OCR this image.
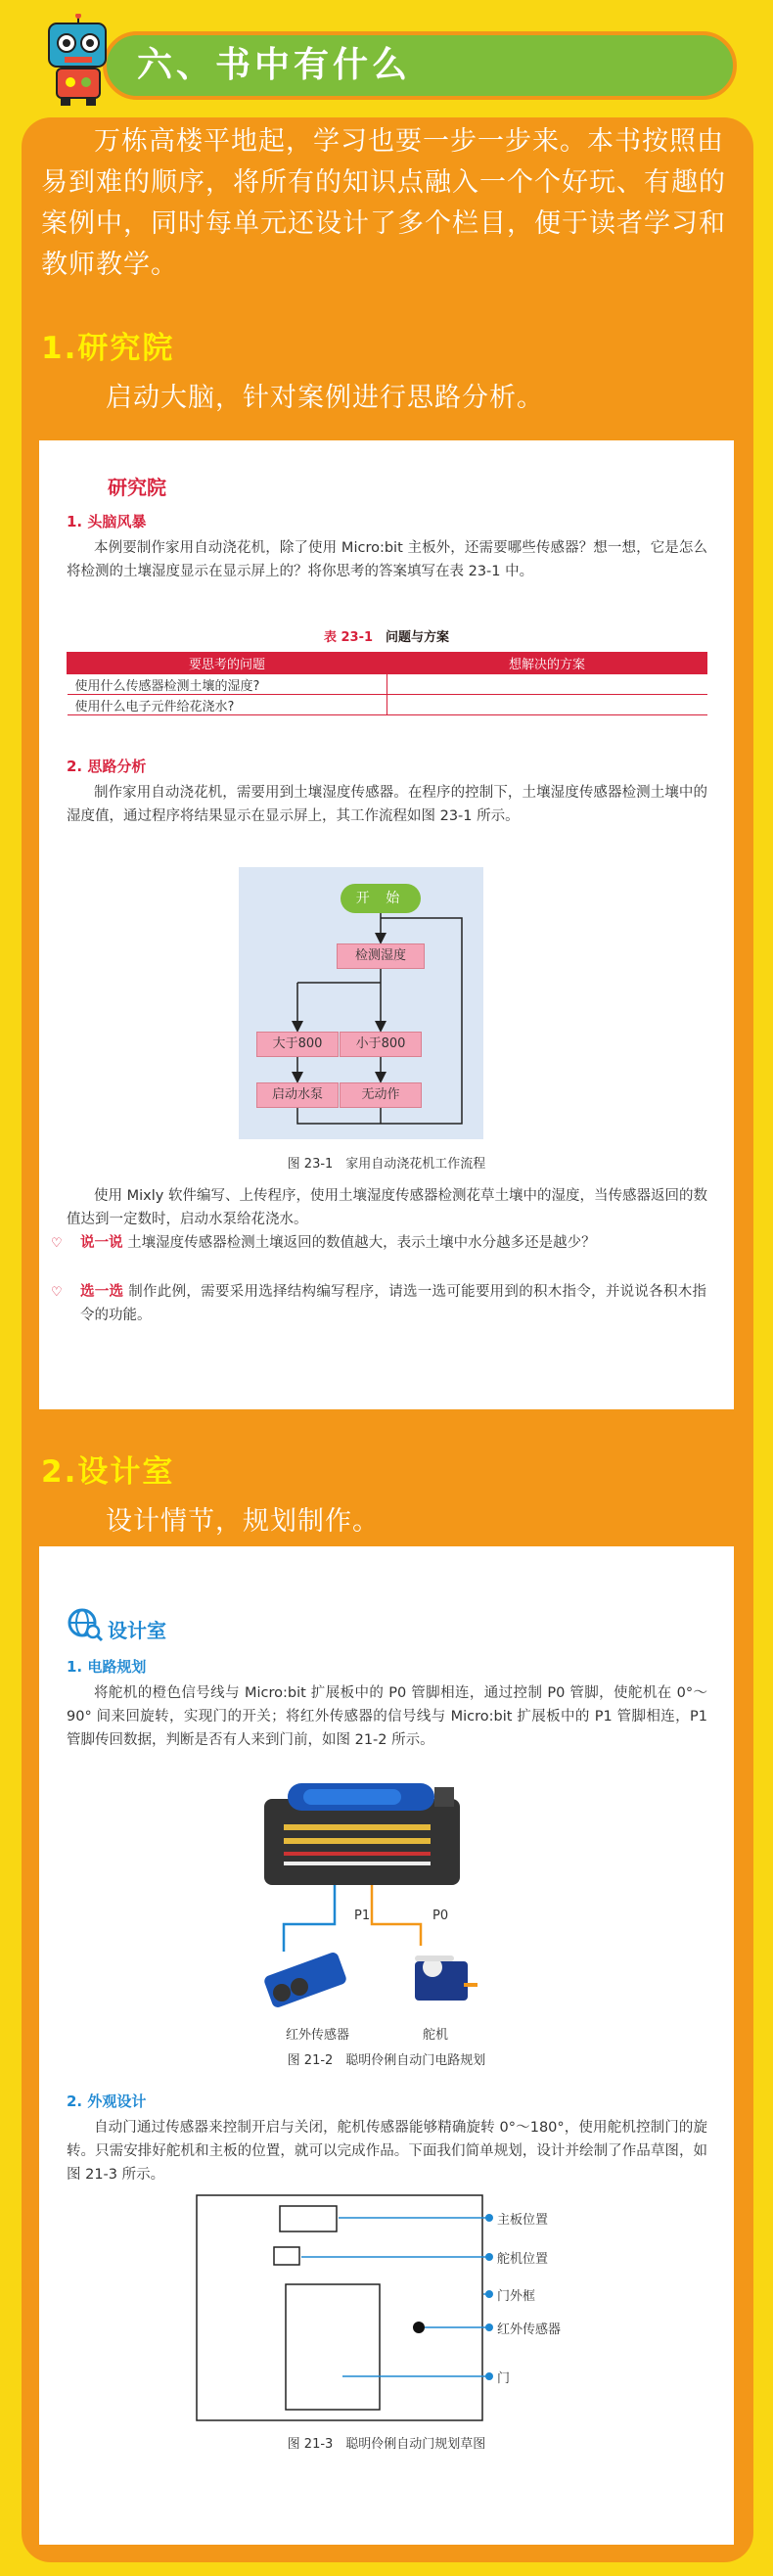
六、书中有什么
万栋高楼平地起，学习也要一步一步来。本书按照由易到难的顺序，将所有的知识点融入一个个好玩、有趣的案例中，同时每单元还设计了多个栏目，便于读者学习和教师教学。
1.研究院
启动大脑，针对案例进行思路分析。
研究院
1. 头脑风暴
本例要制作家用自动浇花机，除了使用 Micro:bit 主板外，还需要哪些传感器？想一想，它是怎么将检测的土壤湿度显示在显示屏上的？将你思考的答案填写在表 23-1 中。
表 23-1　 问题与方案
要思考的问题	想解决的方案
使用什么传感器检测土壤的湿度?	
使用什么电子元件给花浇水?	
2. 思路分析
制作家用自动浇花机，需要用到土壤湿度传感器。在程序的控制下，土壤湿度传感器检测土壤中的湿度值，通过程序将结果显示在显示屏上，其工作流程如图 23-1 所示。
开 始
检测湿度
大于800	小于800
启动水泵	无动作
图 23-1　家用自动浇花机工作流程
使用 Mixly 软件编写、上传程序，使用土壤湿度传感器检测花草土壤中的湿度，当传感器返回的数值达到一定数时，启动水泵给花浇水。
♡ 说一说 土壤湿度传感器检测土壤返回的数值越大，表示土壤中水分越多还是越少？
♡ 选一选 制作此例，需要采用选择结构编写程序，请选一选可能要用到的积木指令，并说说各积木指令的功能。
2.设计室
设计情节，规划制作。
设计室
1. 电路规划
将舵机的橙色信号线与 Micro:bit 扩展板中的 P0 管脚相连，通过控制 P0 管脚，使舵机在 0°～90° 间来回旋转，实现门的开关；将红外传感器的信号线与 Micro:bit 扩展板中的 P1 管脚相连，P1 管脚传回数据，判断是否有人来到门前，如图 21-2 所示。
P1	P0
红外传感器	舵机
图 21-2　聪明伶俐自动门电路规划
2. 外观设计
自动门通过传感器来控制开启与关闭，舵机传感器能够精确旋转 0°～180°，使用舵机控制门的旋转。只需安排好舵机和主板的位置，就可以完成作品。下面我们简单规划，设计并绘制了作品草图，如图 21-3 所示。
主板位置
舵机位置
门外框
红外传感器
门
图 21-3　聪明伶俐自动门规划草图
